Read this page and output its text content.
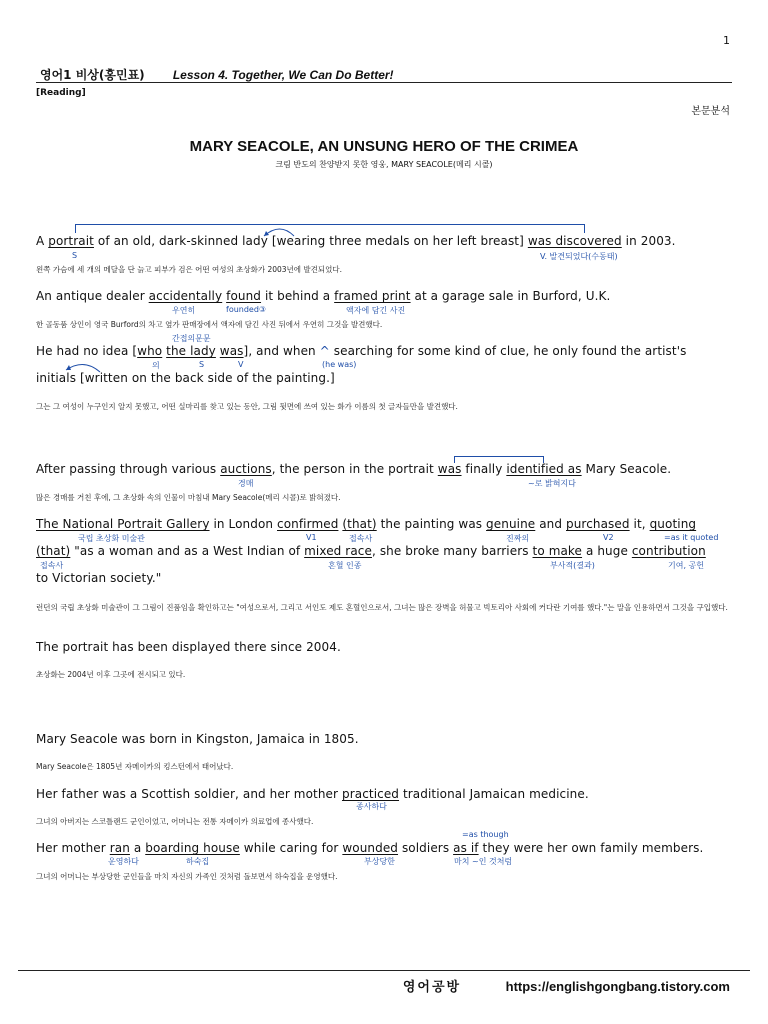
1
영어1 비상(홍민표) Lesson 4. Together, We Can Do Better!
[Reading]
본문분석
MARY SEACOLE, AN UNSUNG HERO OF THE CRIMEA
크림 반도의 찬양받지 못한 영웅, MARY SEACOLE(메리 시콜)
A portrait of an old, dark-skinned lady [wearing three medals on her left breast] was discovered in 2003.
S	V. 발견되었다(수동태)
왼쪽 가슴에 세 개의 메달을 단 늙고 피부가 검은 어떤 여성의 초상화가 2003년에 발견되었다.
An antique dealer accidentally found it behind a framed print at a garage sale in Burford, U.K.
우연히	founded③	액자에 담긴 사진
한 골동품 상인이 영국 Burford의 차고 옆가 판매장에서 액자에 담긴 사진 뒤에서 우연히 그것을 발견했다.
간접의문문
He had no idea [who the lady was], and when ^ searching for some kind of clue, he only found the artist's
의	S	V	(he was)
initials [written on the back side of the painting.]
그는 그 여성이 누구인지 알지 못했고, 어떤 실마리를 찾고 있는 동안, 그림 뒷면에 쓰여 있는 화가 이름의 첫 글자들만을 발견했다.
After passing through various auctions, the person in the portrait was finally identified as Mary Seacole.
경매	~로 밝혀지다
많은 경매를 거친 후에, 그 초상화 속의 인물이 마침내 Mary Seacole(메리 시콜)로 밝혀졌다.
The National Portrait Gallery in London confirmed (that) the painting was genuine and purchased it, quoting
국립 초상화 미술관	V1	접속사	진짜의	V2	=as it quoted
(that) "as a woman and as a West Indian of mixed race, she broke many barriers to make a huge contribution
접속사	혼혈 인종	부사적(결과)	기여, 공헌
to Victorian society."
런던의 국립 초상화 미술관이 그 그림이 진품임을 확인하고는 "여성으로서, 그리고 서인도 제도 혼혈인으로서, 그녀는 많은 장벽을 허물고 빅토리아 사회에 커다란 기여를 했다."는 말을 인용하면서 그것을 구입했다.
The portrait has been displayed there since 2004.
초상화는 2004년 이후 그곳에 전시되고 있다.
Mary Seacole was born in Kingston, Jamaica in 1805.
Mary Seacole은 1805년 자메이카의 킹스턴에서 태어났다.
Her father was a Scottish soldier, and her mother practiced traditional Jamaican medicine.
종사하다
그녀의 아버지는 스코틀랜드 군인이었고, 어머니는 전통 자메이카 의료업에 종사했다.
=as though
Her mother ran a boarding house while caring for wounded soldiers as if they were her own family members.
운영하다	하숙집	부상당한	마치 ~인 것처럼
그녀의 어머니는 부상당한 군인들을 마치 자신의 가족인 것처럼 돌보면서 하숙집을 운영했다.
영어공방	https://englishgongbang.tistory.com
